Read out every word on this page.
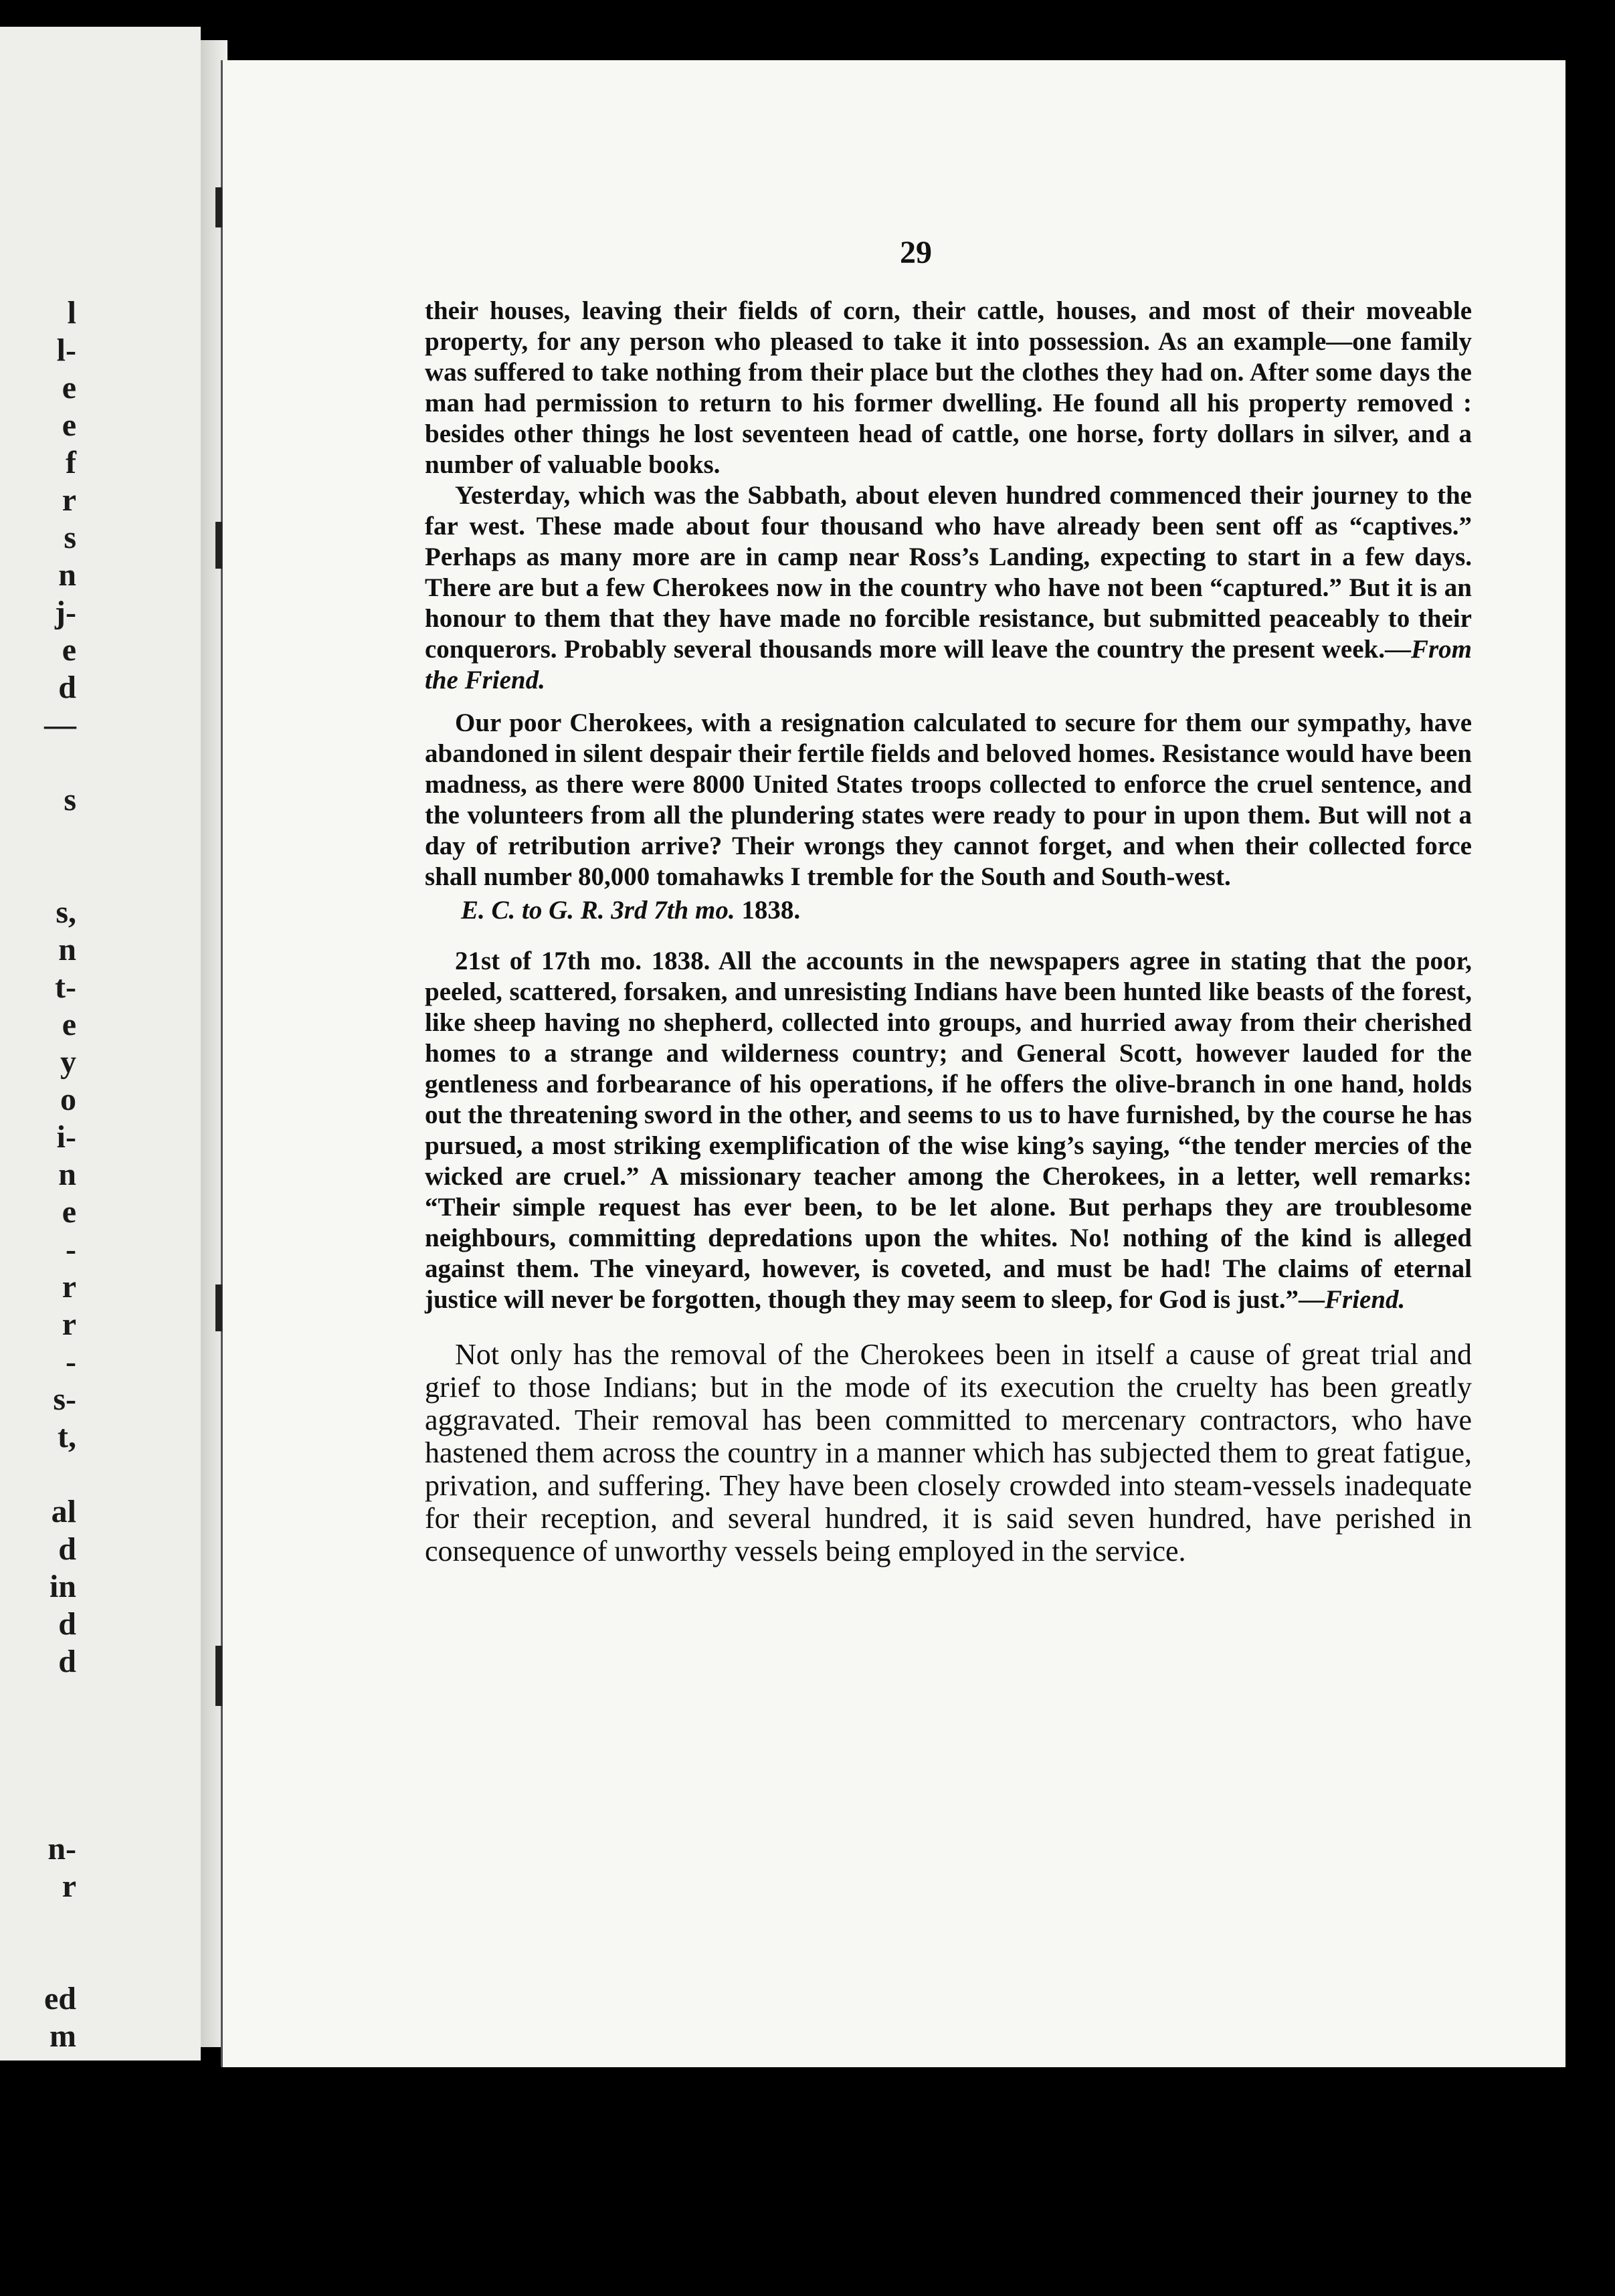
l
l-
e
e
f
r
s
n
j-
e
d
—
s
s,
n
t-
e
y
o
i-
n
e
-
r
r
-
s-
t,
al
d
in
d
d
n-
r
ed
m
29

their houses, leaving their fields of corn, their cattle, houses, and most of their moveable property, for any person who pleased to take it into possession. As an example—one family was suffered to take nothing from their place but the clothes they had on. After some days the man had permission to return to his former dwelling. He found all his property removed : besides other things he lost seventeen head of cattle, one horse, forty dollars in silver, and a number of valuable books.

Yesterday, which was the Sabbath, about eleven hundred commenced their journey to the far west. These made about four thousand who have already been sent off as “captives.” Perhaps as many more are in camp near Ross’s Landing, expecting to start in a few days. There are but a few Cherokees now in the country who have not been “captured.” But it is an honour to them that they have made no forcible resistance, but submitted peaceably to their conquerors. Probably several thousands more will leave the country the present week.—From the Friend.

Our poor Cherokees, with a resignation calculated to secure for them our sympathy, have abandoned in silent despair their fertile fields and beloved homes. Resistance would have been madness, as there were 8000 United States troops collected to enforce the cruel sentence, and the volunteers from all the plundering states were ready to pour in upon them. But will not a day of retribution arrive? Their wrongs they cannot forget, and when their collected force shall number 80,000 tomahawks I tremble for the South and South-west.

E. C. to G. R. 3rd 7th mo. 1838.

21st of 17th mo. 1838. All the accounts in the newspapers agree in stating that the poor, peeled, scattered, forsaken, and unresisting Indians have been hunted like beasts of the forest, like sheep having no shepherd, collected into groups, and hurried away from their cherished homes to a strange and wilderness country; and General Scott, however lauded for the gentleness and forbearance of his operations, if he offers the olive-branch in one hand, holds out the threatening sword in the other, and seems to us to have furnished, by the course he has pursued, a most striking exemplification of the wise king’s saying, “the tender mercies of the wicked are cruel.” A missionary teacher among the Cherokees, in a letter, well remarks: “Their simple request has ever been, to be let alone. But perhaps they are troublesome neighbours, committing depredations upon the whites. No! nothing of the kind is alleged against them. The vineyard, however, is coveted, and must be had! The claims of eternal justice will never be forgotten, though they may seem to sleep, for God is just.”—Friend.

Not only has the removal of the Cherokees been in itself a cause of great trial and grief to those Indians; but in the mode of its execution the cruelty has been greatly aggravated. Their removal has been committed to mercenary contractors, who have hastened them across the country in a manner which has subjected them to great fatigue, privation, and suffering. They have been closely crowded into steam-vessels inadequate for their reception, and several hundred, it is said seven hundred, have perished in consequence of unworthy vessels being employed in the service.
